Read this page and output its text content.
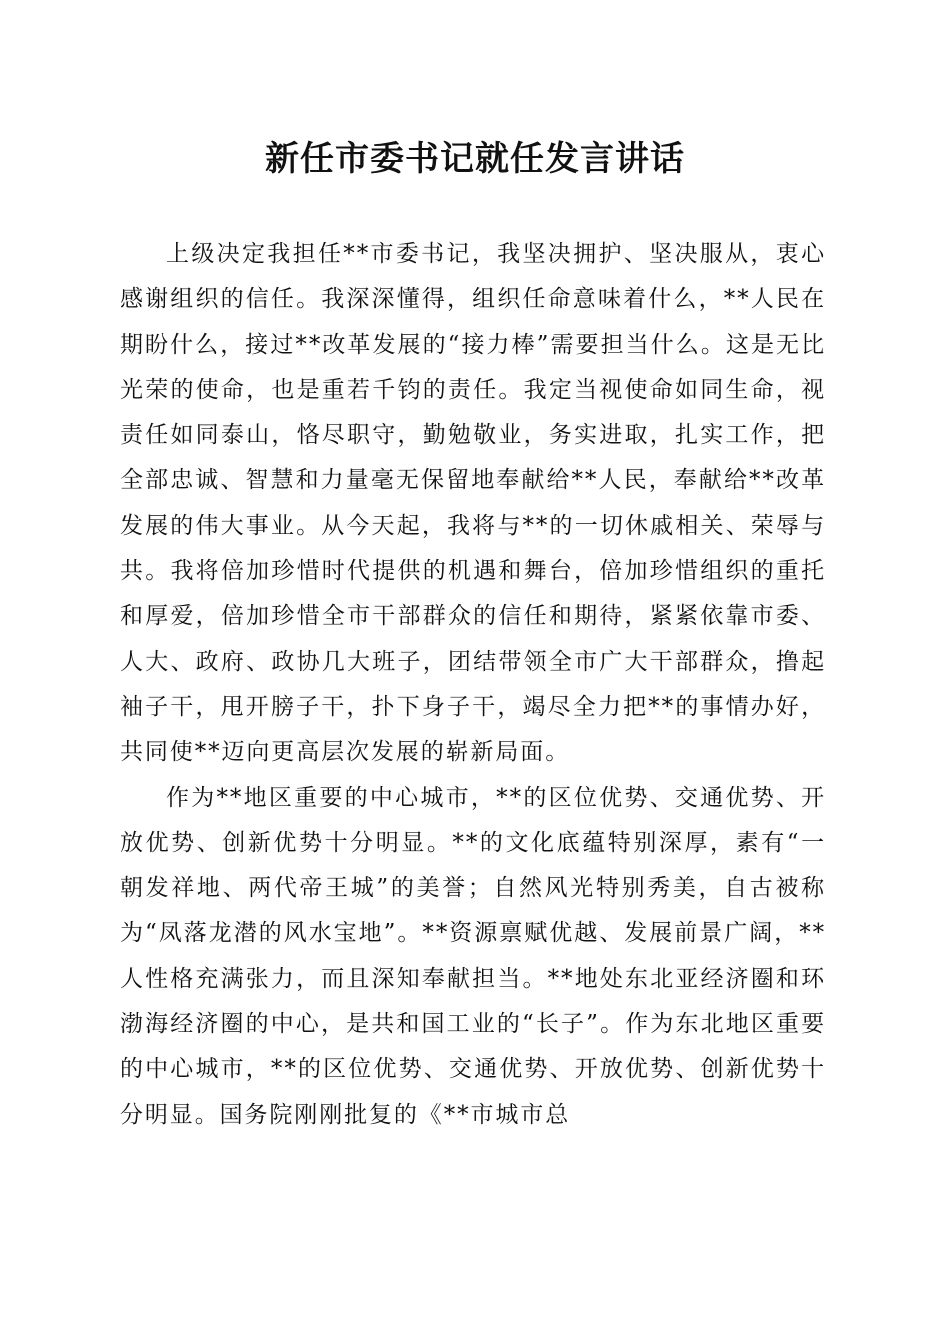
新任市委书记就任发言讲话

上级决定我担任**市委书记，我坚决拥护、坚决服从，衷心感谢组织的信任。我深深懂得，组织任命意味着什么，**人民在期盼什么，接过**改革发展的“接力棒”需要担当什么。这是无比光荣的使命，也是重若千钧的责任。我定当视使命如同生命，视责任如同泰山，恪尽职守，勤勉敬业，务实进取，扎实工作，把全部忠诚、智慧和力量毫无保留地奉献给**人民，奉献给**改革发展的伟大事业。从今天起，我将与**的一切休戚相关、荣辱与共。我将倍加珍惜时代提供的机遇和舞台，倍加珍惜组织的重托和厚爱，倍加珍惜全市干部群众的信任和期待，紧紧依靠市委、人大、政府、政协几大班子，团结带领全市广大干部群众，撸起袖子干，甩开膀子干，扑下身子干，竭尽全力把**的事情办好，共同使**迈向更高层次发展的崭新局面。

作为**地区重要的中心城市，**的区位优势、交通优势、开放优势、创新优势十分明显。**的文化底蕴特别深厚，素有“一朝发祥地、两代帝王城”的美誉；自然风光特别秀美，自古被称为“凤落龙潜的风水宝地”。**资源禀赋优越、发展前景广阔，**人性格充满张力，而且深知奉献担当。**地处东北亚经济圈和环渤海经济圈的中心，是共和国工业的“长子”。作为东北地区重要的中心城市，**的区位优势、交通优势、开放优势、创新优势十分明显。国务院刚刚批复的《**市城市总
